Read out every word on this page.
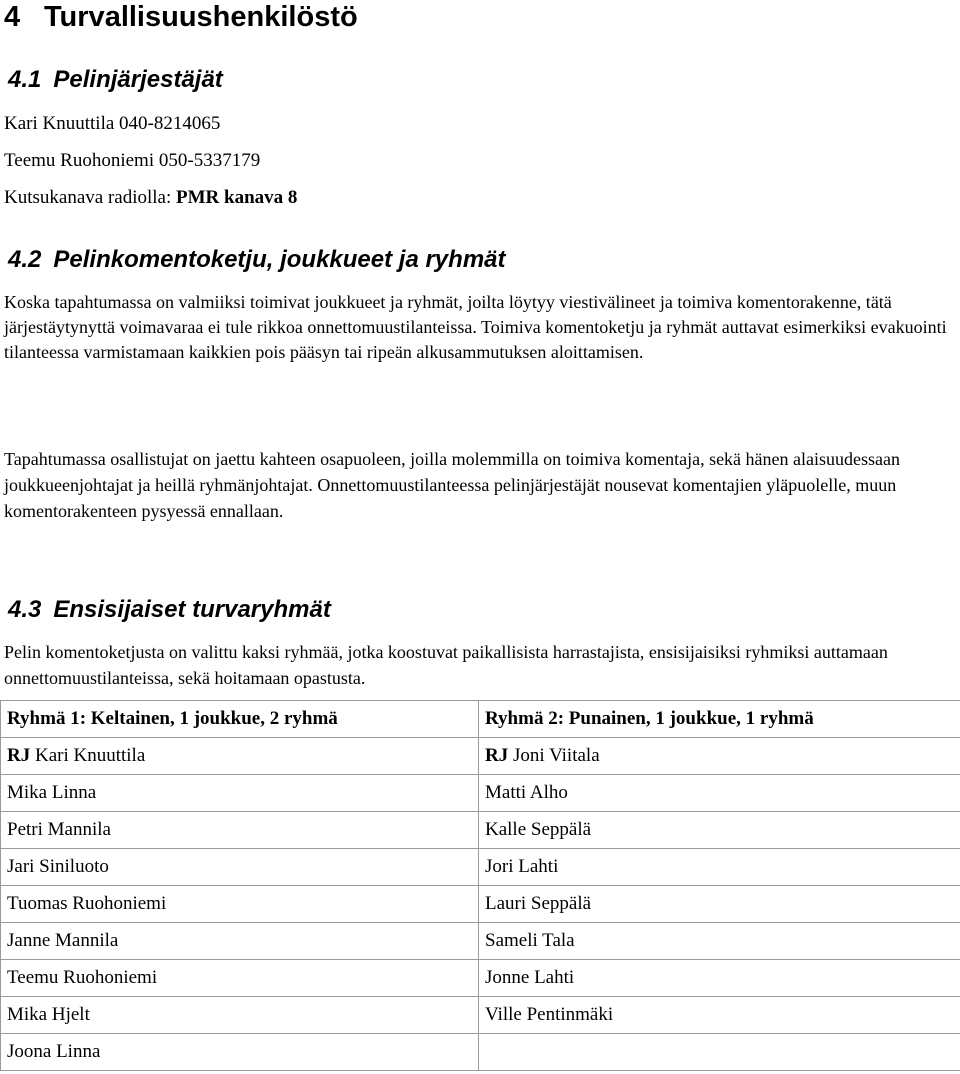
4 Turvallisuushenkilöstö
4.1 Pelinjärjestäjät
Kari Knuuttila 040-8214065
Teemu Ruohoniemi 050-5337179
Kutsukanava radiolla: PMR kanava 8
4.2 Pelinkomentoketju, joukkueet ja ryhmät
Koska tapahtumassa on valmiiksi toimivat joukkueet ja ryhmät, joilta löytyy viestivälineet ja toimiva komentorakenne, tätä järjestäytynyttä voimavaraa ei tule rikkoa onnettomuustilanteissa. Toimiva komentoketju ja ryhmät auttavat esimerkiksi evakuointi tilanteessa varmistamaan kaikkien pois pääsyn tai ripeän alkusammutuksen aloittamisen.
Tapahtumassa osallistujat on jaettu kahteen osapuoleen, joilla molemmilla on toimiva komentaja, sekä hänen alaisuudessaan joukkueenjohtajat ja heillä ryhmänjohtajat. Onnettomuustilanteessa pelinjärjestäjät nousevat komentajien yläpuolelle, muun komentorakenteen pysyessä ennallaan.
4.3 Ensisijaiset turvaryhmät
Pelin komentoketjusta on valittu kaksi ryhmää, jotka koostuvat paikallisista harrastajista, ensisijaisiksi ryhmiksi auttamaan onnettomuustilanteissa, sekä hoitamaan opastusta.
Ryhmä 1: Keltainen, 1 joukkue, 2 ryhmä	Ryhmä 2: Punainen, 1 joukkue, 1 ryhmä
RJ Kari Knuuttila	RJ Joni Viitala
Mika Linna	Matti Alho
Petri Mannila	Kalle Seppälä
Jari Siniluoto	Jori Lahti
Tuomas Ruohoniemi	Lauri Seppälä
Janne Mannila	Sameli Tala
Teemu Ruohoniemi	Jonne Lahti
Mika Hjelt	Ville Pentinmäki
Joona Linna	
